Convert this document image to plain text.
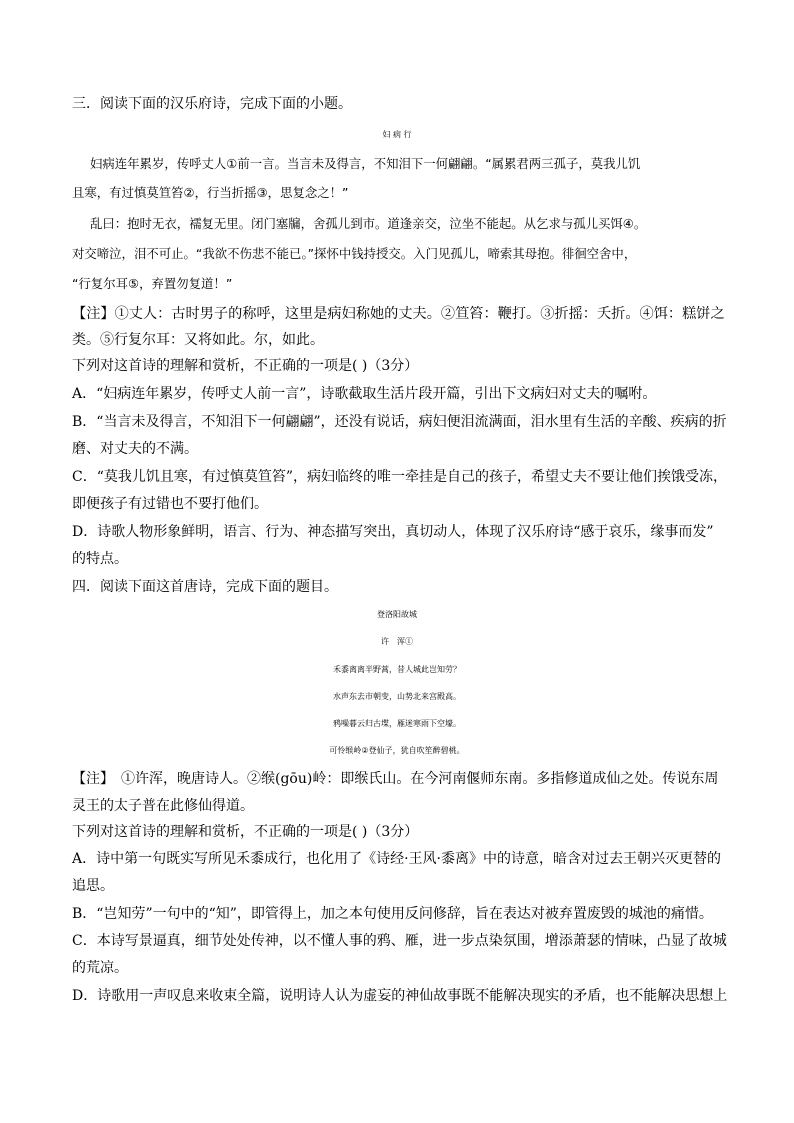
三．阅读下面的汉乐府诗，完成下面的小题。
妇 病 行
妇病连年累岁，传呼丈人①前一言。当言未及得言，不知泪下一何翩翩。“属累君两三孤子，莫我儿饥
且寒，有过慎莫笪笞②，行当折摇③，思复念之！”
乱曰：抱时无衣，襦复无里。闭门塞牖，舍孤儿到市。道逢亲交，泣坐不能起。从乞求与孤儿买饵④。
对交啼泣，泪不可止。“我欲不伤悲不能已。”探怀中钱持授交。入门见孤儿，啼索其母抱。徘徊空舍中，
“行复尔耳⑤，弃置勿复道！”
【注】①丈人：古时男子的称呼，这里是病妇称她的丈夫。②笪笞：鞭打。③折摇：夭折。④饵：糕饼之
类。⑤行复尔耳：又将如此。尔，如此。
下列对这首诗的理解和赏析，不正确的一项是( )（3分）
A．“妇病连年累岁，传呼丈人前一言”，诗歌截取生活片段开篇，引出下文病妇对丈夫的嘱咐。
B．“当言未及得言，不知泪下一何翩翩”，还没有说话，病妇便泪流满面，泪水里有生活的辛酸、疾病的折
磨、对丈夫的不满。
C．“莫我儿饥且寒，有过慎莫笪笞”，病妇临终的唯一牵挂是自己的孩子，希望丈夫不要让他们挨饿受冻，
即便孩子有过错也不要打他们。
D．诗歌人物形象鲜明，语言、行为、神态描写突出，真切动人，体现了汉乐府诗“感于哀乐，缘事而发”
的特点。
四．阅读下面这首唐诗，完成下面的题目。
登洛阳故城
许　浑①
禾黍离离半野蒿，昔人城此岂知劳？
水声东去市朝变，山势北来宫殿高。
鸦噪暮云归古堞，雁迷寒雨下空壕。
可怜缑岭②登仙子，犹自吹笙醉碧桃。
【注】　①许浑，晚唐诗人。②缑(gōu)岭：即缑氏山。在今河南偃师东南。多指修道成仙之处。传说东周
灵王的太子普在此修仙得道。
下列对这首诗的理解和赏析，不正确的一项是( )（3分）
A．诗中第一句既实写所见禾黍成行，也化用了《诗经·王风·黍离》中的诗意，暗含对过去王朝兴灭更替的
追思。
B．“岂知劳”一句中的“知”，即管得上，加之本句使用反问修辞，旨在表达对被弃置废毁的城池的痛惜。
C．本诗写景逼真，细节处处传神，以不懂人事的鸦、雁，进一步点染氛围，增添萧瑟的情味，凸显了故城
的荒凉。
D．诗歌用一声叹息来收束全篇，说明诗人认为虚妄的神仙故事既不能解决现实的矛盾，也不能解决思想上
